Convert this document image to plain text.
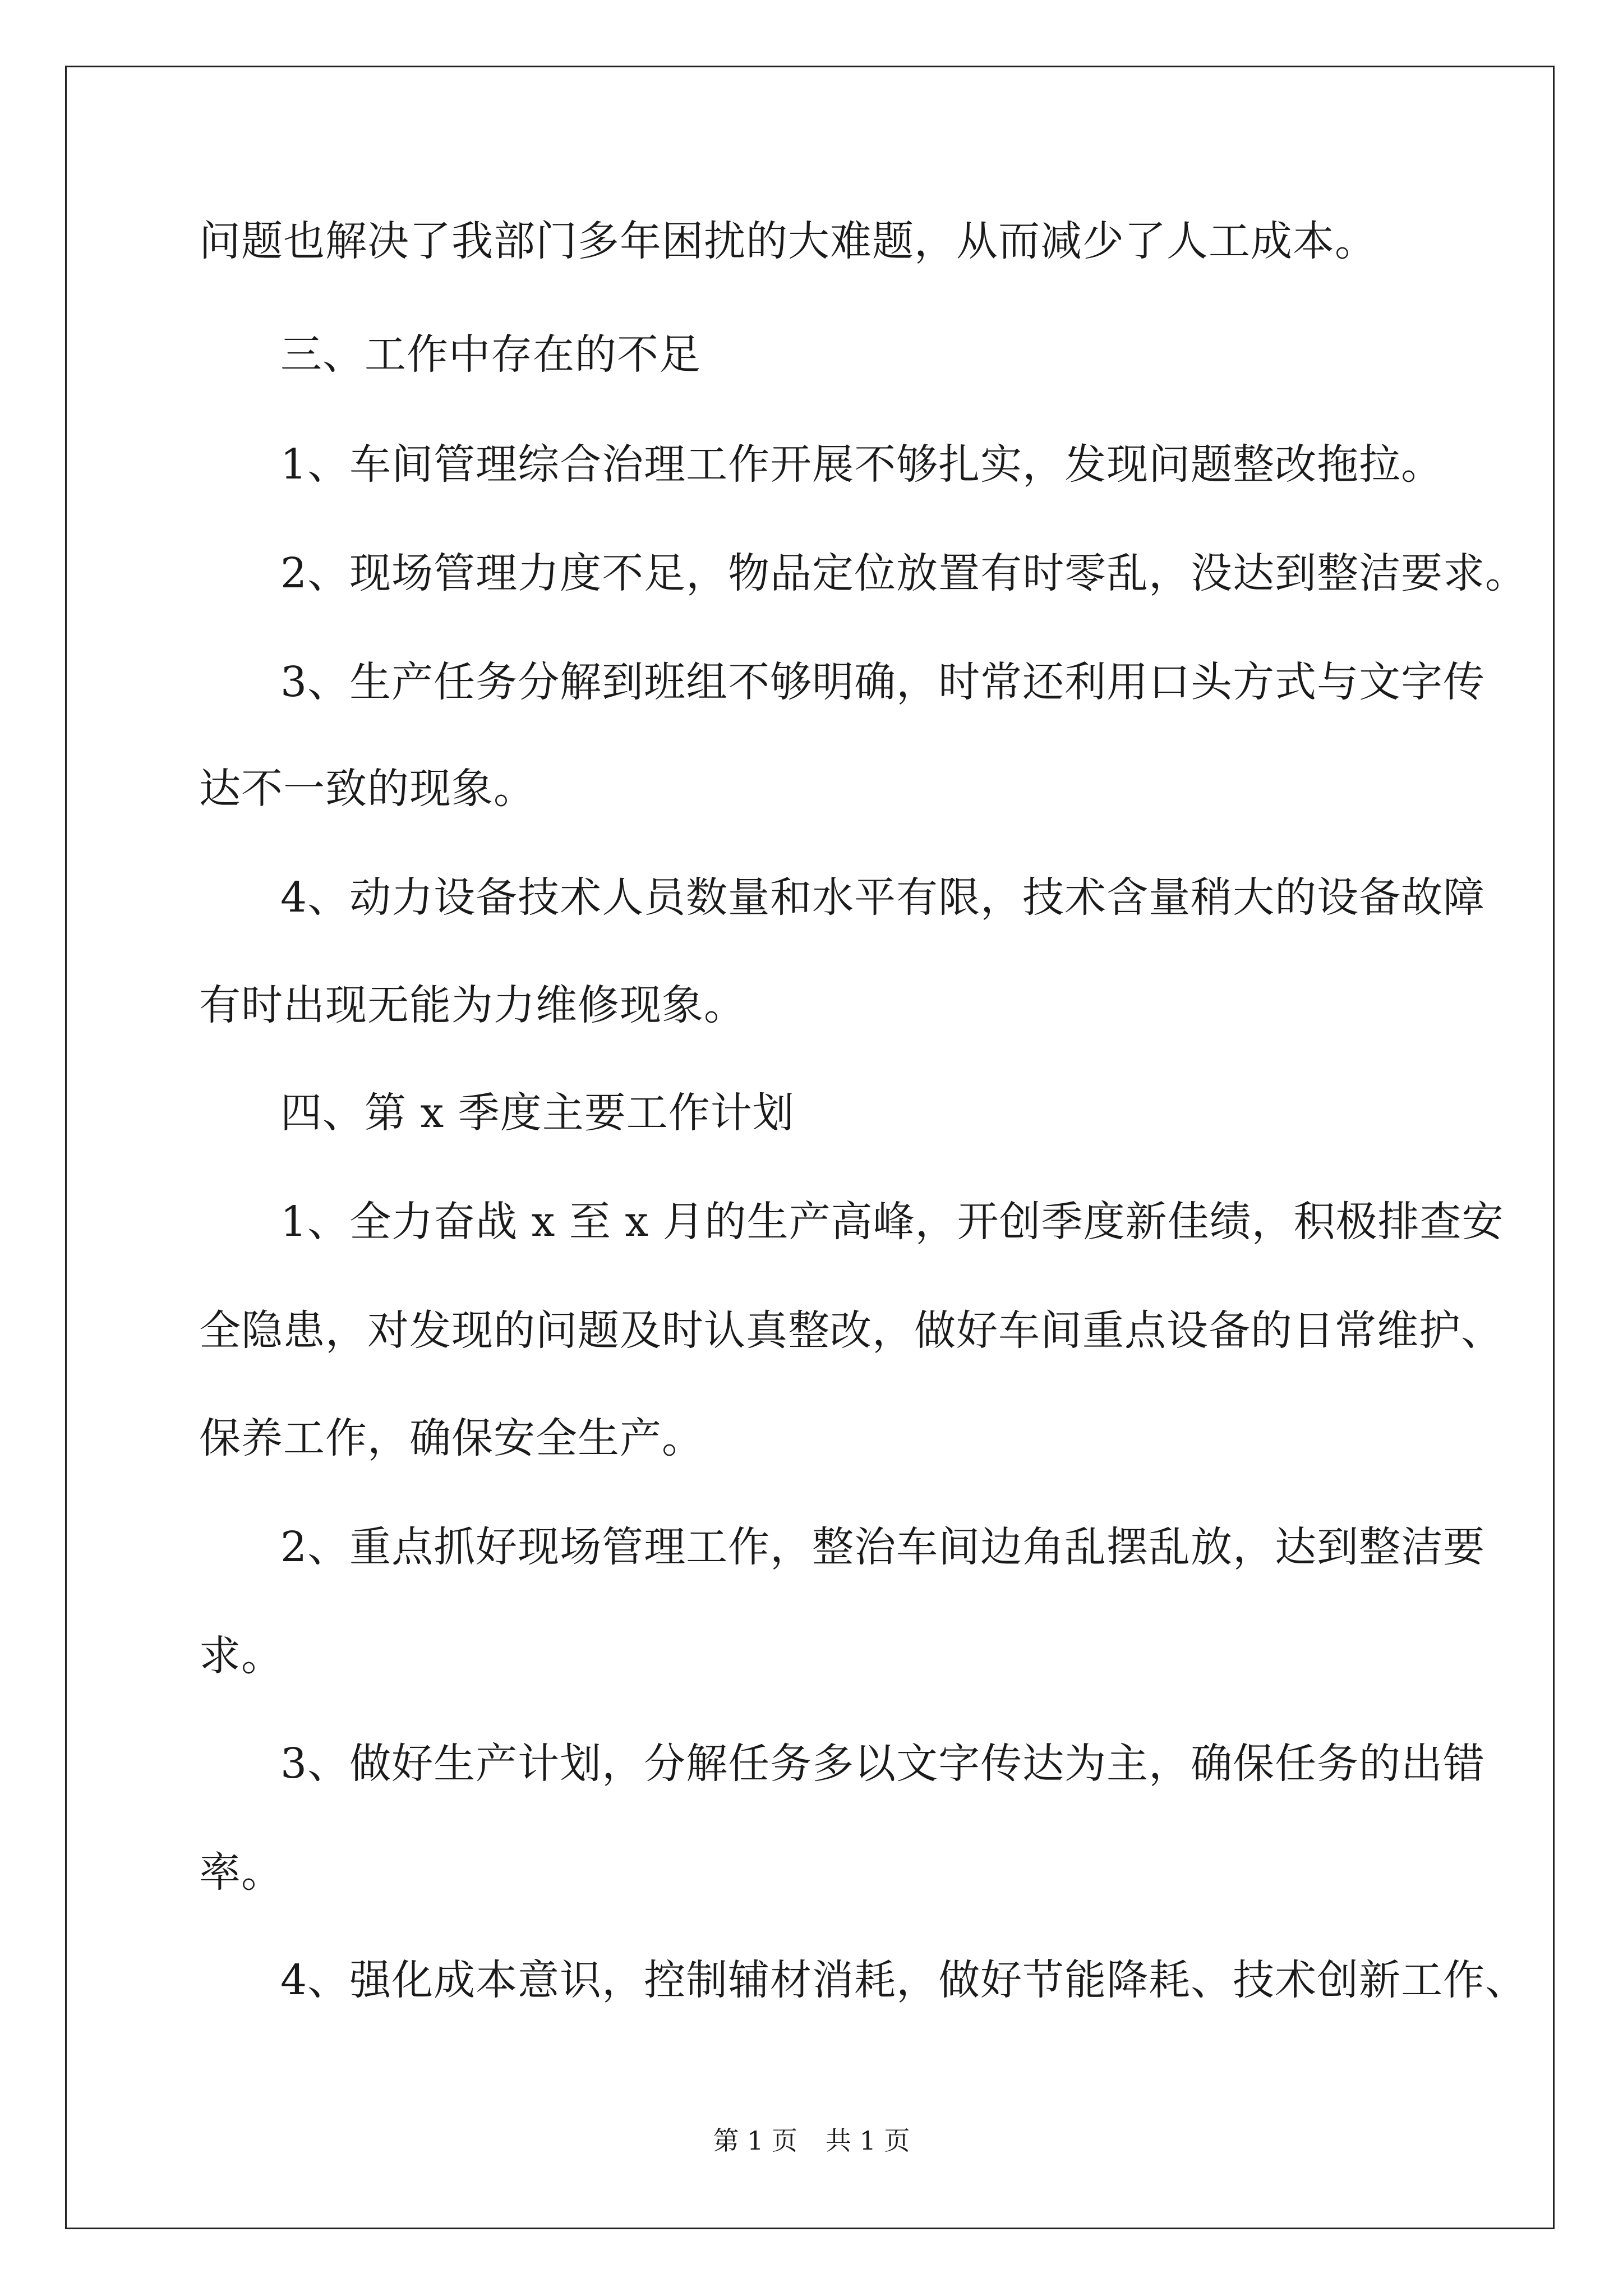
问题也解决了我部门多年困扰的大难题，从而减少了人工成本。
三、工作中存在的不足
1、车间管理综合治理工作开展不够扎实，发现问题整改拖拉。
2、现场管理力度不足，物品定位放置有时零乱，没达到整洁要求。
3、生产任务分解到班组不够明确，时常还利用口头方式与文字传
达不一致的现象。
4、动力设备技术人员数量和水平有限，技术含量稍大的设备故障
有时出现无能为力维修现象。
四、第 x 季度主要工作计划
1、全力奋战 x 至 x 月的生产高峰，开创季度新佳绩，积极排查安
全隐患，对发现的问题及时认真整改，做好车间重点设备的日常维护、
保养工作，确保安全生产。
2、重点抓好现场管理工作，整治车间边角乱摆乱放，达到整洁要
求。
3、做好生产计划，分解任务多以文字传达为主，确保任务的出错
率。
4、强化成本意识，控制辅材消耗，做好节能降耗、技术创新工作、
第 1 页 共 1 页
